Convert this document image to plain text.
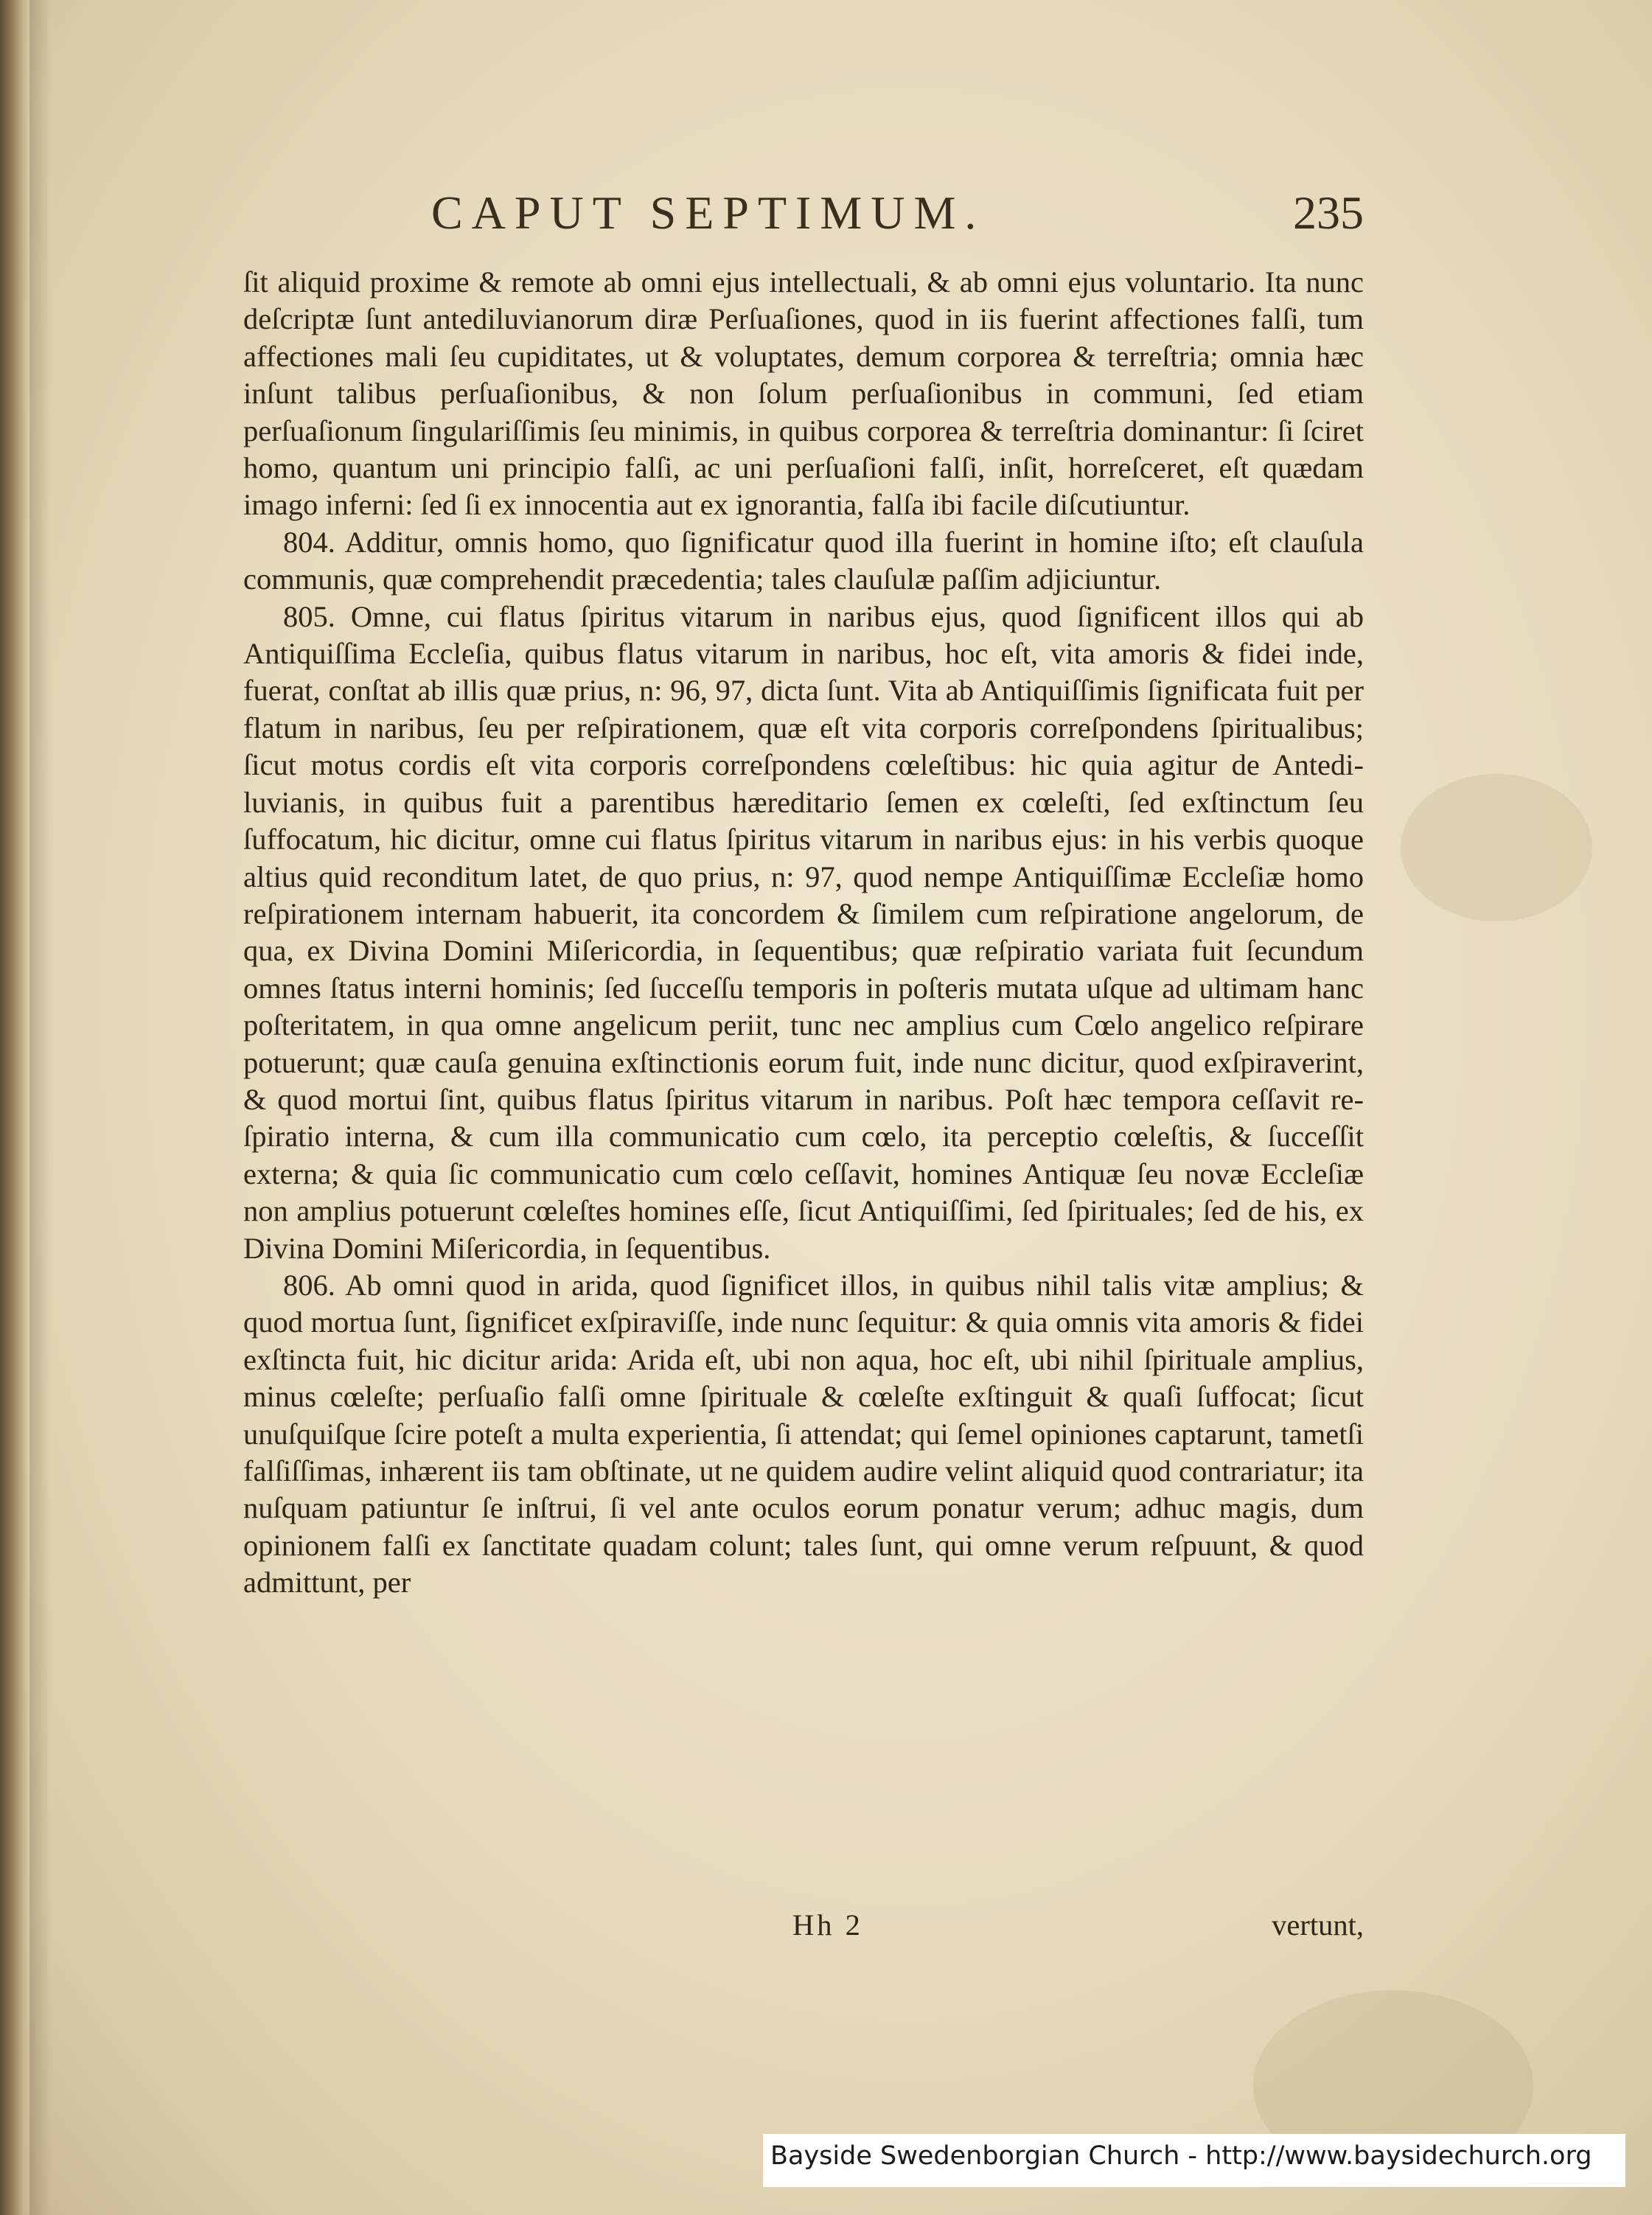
CAPUT SEPTIMUM.	235

ſit aliquid proxime & remote ab omni ejus intellectuali, & ab omni ejus voluntario. Ita nunc deſcriptæ ſunt antediluvianorum diræ Perſuaſiones, quod in iis fuerint affectiones falſi, tum affectiones mali ſeu cupiditates, ut & voluptates, demum corporea & terreſtria; omnia hæc inſunt talibus perſuaſionibus, & non ſolum perſuaſionibus in communi, ſed etiam perſuaſionum ſingulariſſimis ſeu minimis, in quibus corporea & terreſtria dominantur: ſi ſciret homo, quantum uni principio falſi, ac uni perſuaſioni falſi, inſit, horreſceret, eſt quædam imago inferni: ſed ſi ex innocentia aut ex ignorantia, falſa ibi facile diſcutiuntur.

804. Additur, omnis homo, quo ſignificatur quod illa fuerint in homine iſto; eſt clauſula communis, quæ comprehendit præcedentia; tales clauſulæ paſſim adjiciuntur.

805. Omne, cui flatus ſpiritus vitarum in naribus ejus, quod ſignificent illos qui ab Antiquiſſima Eccleſia, quibus flatus vitarum in naribus, hoc eſt, vita amoris & fidei inde, fuerat, conſtat ab illis quæ prius, n: 96, 97, dicta ſunt. Vita ab Antiquiſſimis ſignificata fuit per flatum in naribus, ſeu per reſpirationem, quæ eſt vita corporis correſpondens ſpiritualibus; ſicut motus cordis eſt vita corporis correſpondens cœleſtibus: hic quia agitur de Antediluvianis, in quibus fuit a parentibus hæreditario ſemen ex cœleſti, ſed exſtinctum ſeu ſuffocatum, hic dicitur, omne cui flatus ſpiritus vitarum in naribus ejus: in his verbis quoque altius quid reconditum latet, de quo prius, n: 97, quod nempe Antiquiſſimæ Eccleſiæ homo reſpirationem internam habuerit, ita concordem & ſimilem cum reſpiratione angelorum, de qua, ex Divina Domini Miſericordia, in ſequentibus; quæ reſpiratio variata fuit ſecundum omnes ſtatus interni hominis; ſed ſucceſſu temporis in poſteris mutata uſque ad ultimam hanc poſteritatem, in qua omne angelicum periit, tunc nec amplius cum Cœlo angelico reſpirare potuerunt; quæ cauſa genuina exſtinctionis eorum fuit, inde nunc dicitur, quod exſpiraverint, & quod mortui ſint, quibus flatus ſpiritus vitarum in naribus. Poſt hæc tempora ceſſavit reſpiratio interna, & cum illa communicatio cum cœlo, ita perceptio cœleſtis, & ſucceſſit externa; & quia ſic communicatio cum cœlo ceſſavit, homines Antiquæ ſeu novæ Eccleſiæ non amplius potuerunt cœleſtes homines eſſe, ſicut Antiquiſſimi, ſed ſpirituales; ſed de his, ex Divina Domini Miſericordia, in ſequentibus.

806. Ab omni quod in arida, quod ſignificet illos, in quibus nihil talis vitæ amplius; & quod mortua ſunt, ſignificet exſpiraviſſe, inde nunc ſequitur: & quia omnis vita amoris & fidei exſtincta fuit, hic dicitur arida: Arida eſt, ubi non aqua, hoc eſt, ubi nihil ſpirituale amplius, minus cœleſte; perſuaſio falſi omne ſpirituale & cœleſte exſtinguit & quaſi ſuffocat; ſicut unuſquiſque ſcire poteſt a multa experientia, ſi attendat; qui ſemel opiniones captarunt, tametſi falſiſſimas, inhærent iis tam obſtinate, ut ne quidem audire velint aliquid quod contrariatur; ita nuſquam patiuntur ſe inſtrui, ſi vel ante oculos eorum ponatur verum; adhuc magis, dum opinionem falſi ex ſanctitate quadam colunt; tales ſunt, qui omne verum reſpuunt, & quod admittunt, per

Hh 2	vertunt,
Bayside Swedenborgian Church - http://www.baysidechurch.org
